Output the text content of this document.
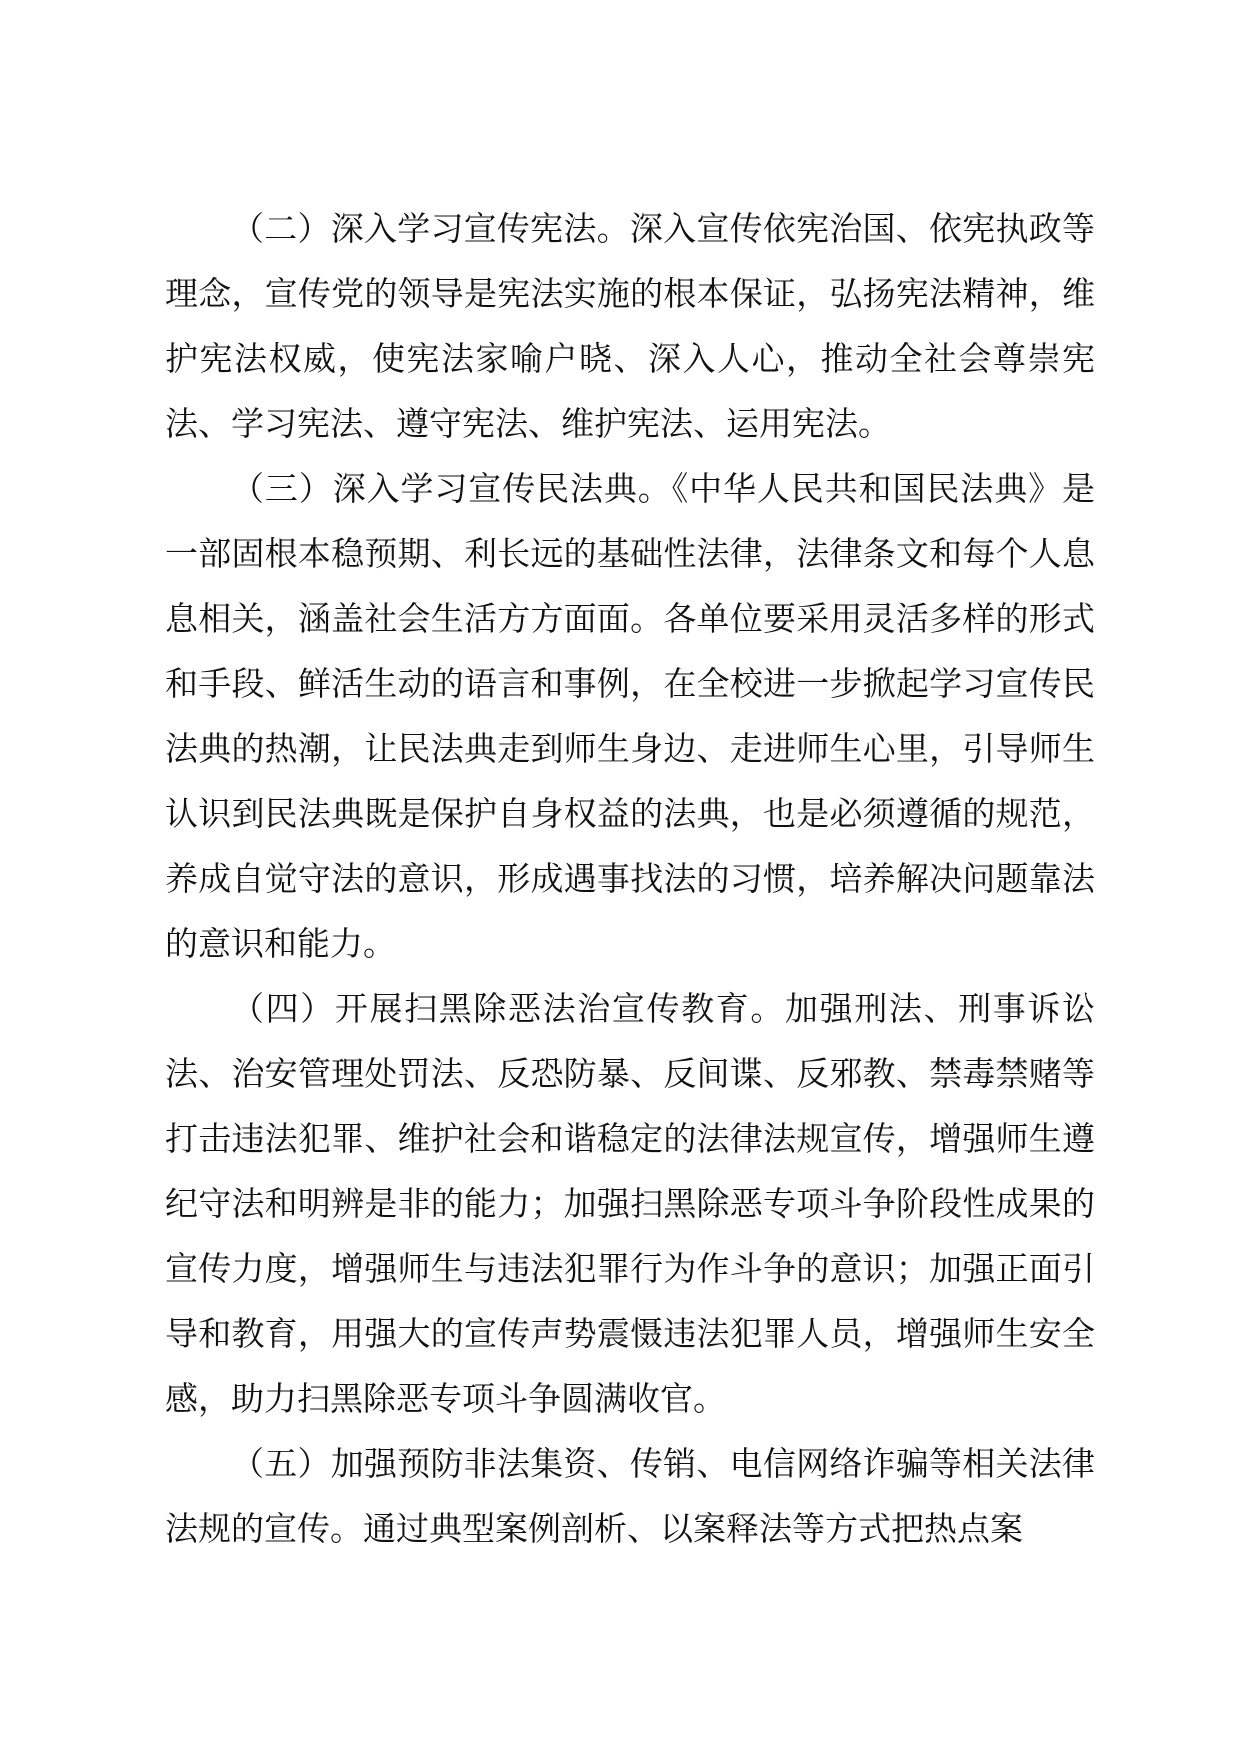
（二）深入学习宣传宪法。深入宣传依宪治国、依宪执政等理念，宣传党的领导是宪法实施的根本保证，弘扬宪法精神，维护宪法权威，使宪法家喻户晓、深入人心，推动全社会尊崇宪法、学习宪法、遵守宪法、维护宪法、运用宪法。

（三）深入学习宣传民法典。《中华人民共和国民法典》是一部固根本稳预期、利长远的基础性法律，法律条文和每个人息息相关，涵盖社会生活方方面面。各单位要采用灵活多样的形式和手段、鲜活生动的语言和事例，在全校进一步掀起学习宣传民法典的热潮，让民法典走到师生身边、走进师生心里，引导师生认识到民法典既是保护自身权益的法典，也是必须遵循的规范，养成自觉守法的意识，形成遇事找法的习惯，培养解决问题靠法的意识和能力。

（四）开展扫黑除恶法治宣传教育。加强刑法、刑事诉讼法、治安管理处罚法、反恐防暴、反间谍、反邪教、禁毒禁赌等打击违法犯罪、维护社会和谐稳定的法律法规宣传，增强师生遵纪守法和明辨是非的能力；加强扫黑除恶专项斗争阶段性成果的宣传力度，增强师生与违法犯罪行为作斗争的意识；加强正面引导和教育，用强大的宣传声势震慑违法犯罪人员，增强师生安全感，助力扫黑除恶专项斗争圆满收官。

（五）加强预防非法集资、传销、电信网络诈骗等相关法律法规的宣传。通过典型案例剖析、以案释法等方式把热点案
